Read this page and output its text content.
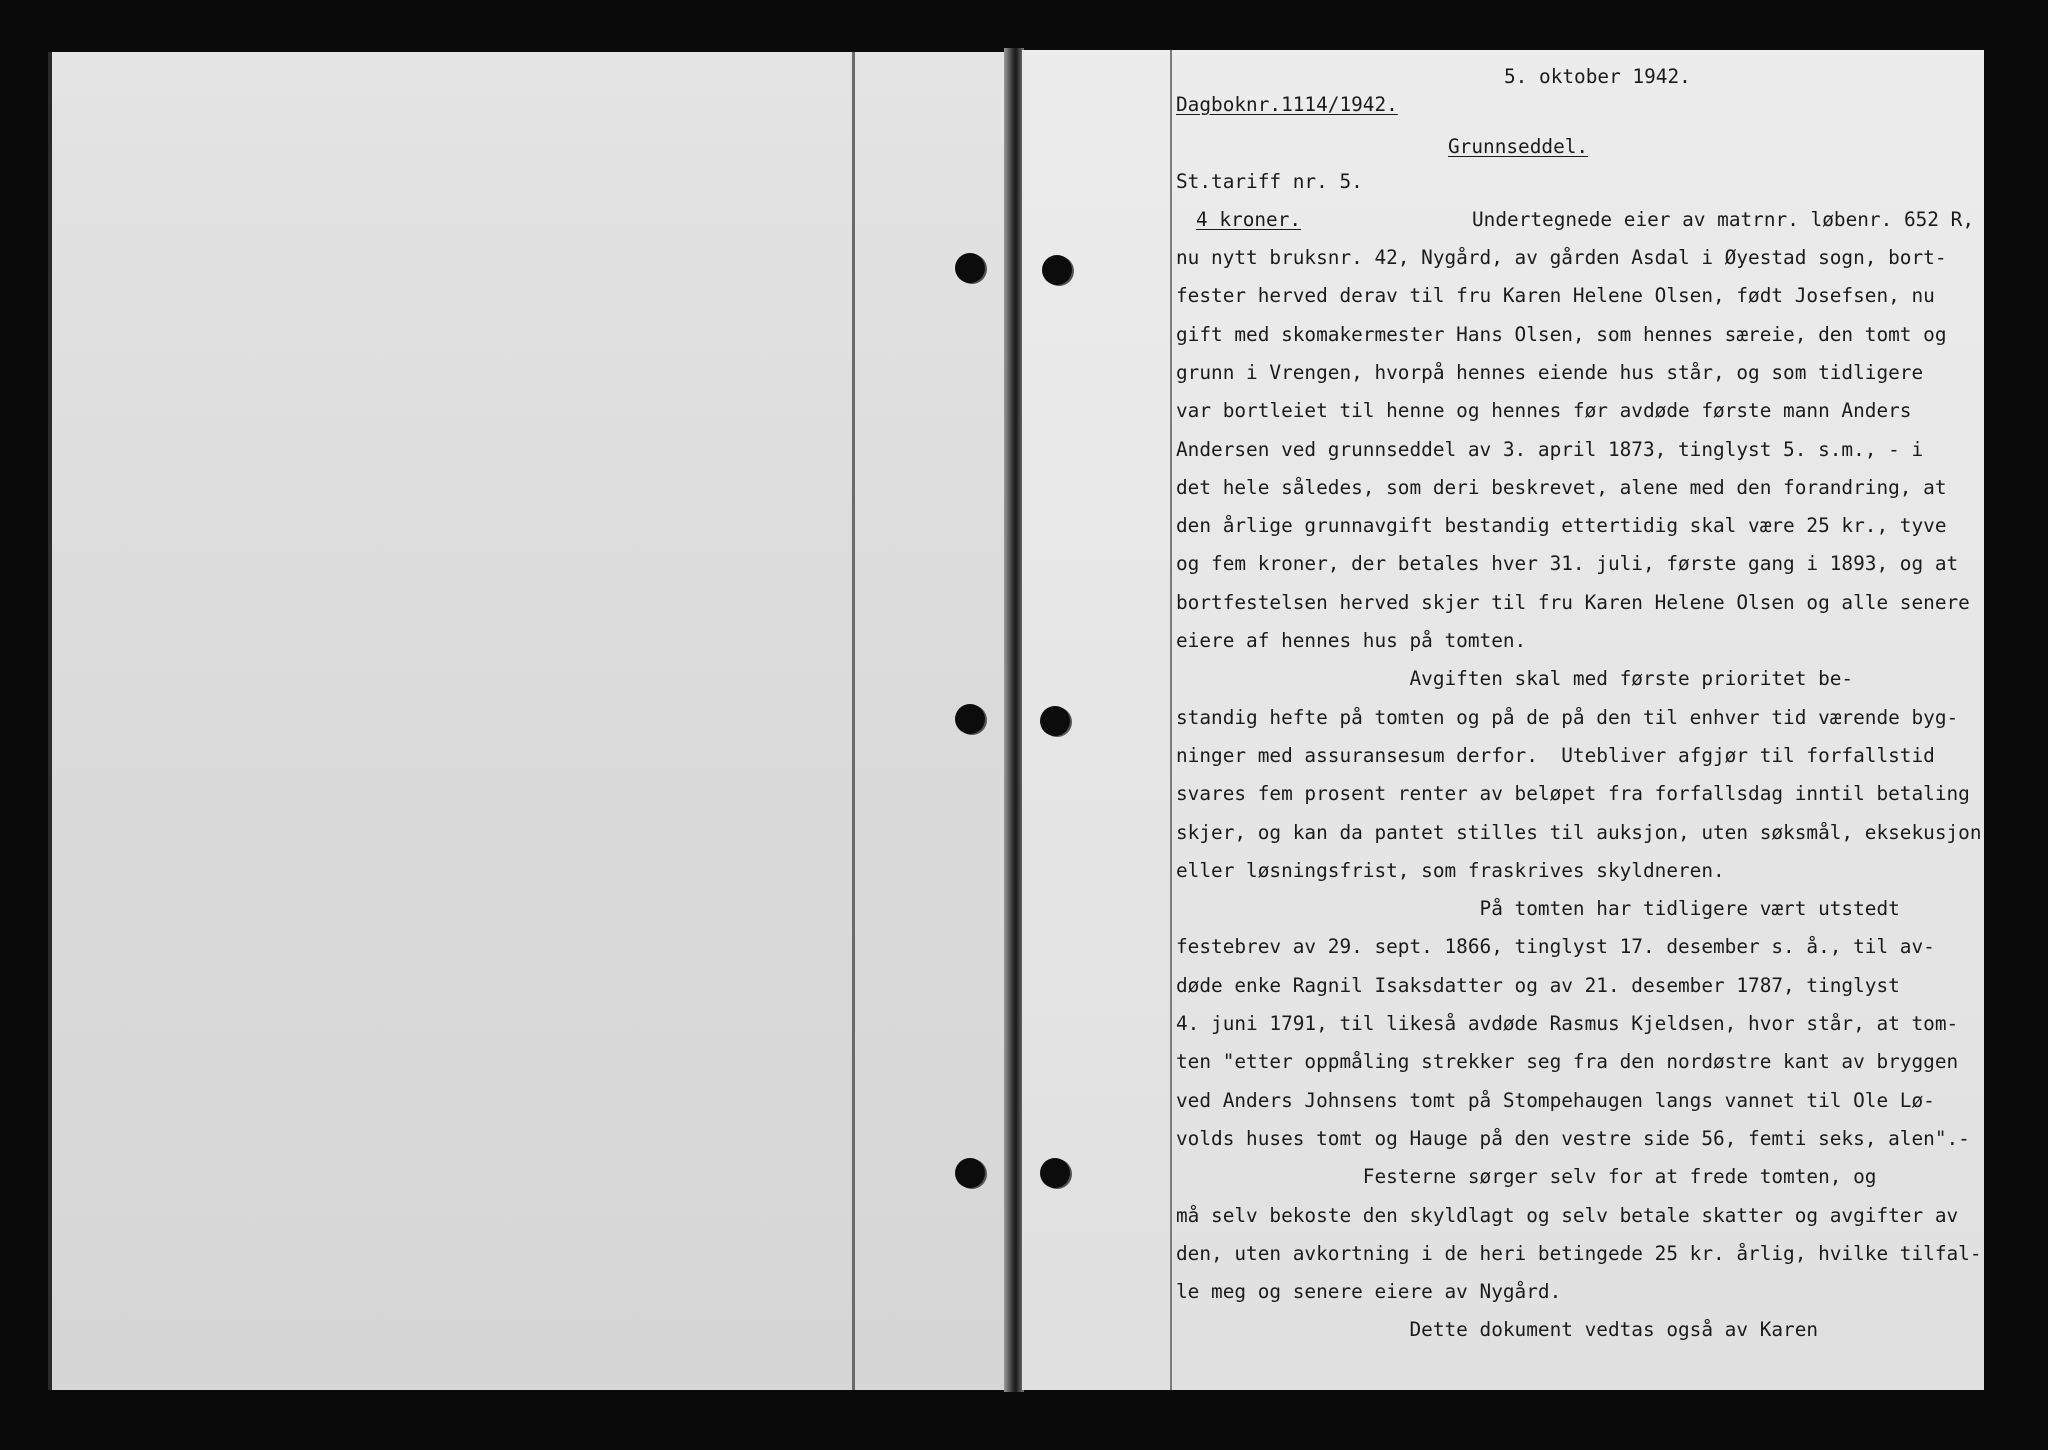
5. oktober 1942.
Dagboknr.1114/1942.
Grunnseddel.
St.tariff nr. 5.
4 kroner.	Undertegnede eier av matrnr. løbenr. 652 R,
nu nytt bruksnr. 42, Nygård, av gården Asdal i Øyestad sogn, bort-
fester herved derav til fru Karen Helene Olsen, født Josefsen, nu
gift med skomakermester Hans Olsen, som hennes særeie, den tomt og
grunn i Vrengen, hvorpå hennes eiende hus står, og som tidligere
var bortleiet til henne og hennes før avdøde første mann Anders
Andersen ved grunnseddel av 3. april 1873, tinglyst 5. s.m., - i
det hele således, som deri beskrevet, alene med den forandring, at
den årlige grunnavgift bestandig ettertidig skal være 25 kr., tyve
og fem kroner, der betales hver 31. juli, første gang i 1893, og at
bortfestelsen herved skjer til fru Karen Helene Olsen og alle senere
eiere af hennes hus på tomten.
Avgiften skal med første prioritet be-
standig hefte på tomten og på de på den til enhver tid værende byg-
ninger med assuransesum derfor.  Utebliver afgjør til forfallstid
svares fem prosent renter av beløpet fra forfallsdag inntil betaling
skjer, og kan da pantet stilles til auksjon, uten søksmål, eksekusjon
eller løsningsfrist, som fraskrives skyldneren.
På tomten har tidligere vært utstedt
festebrev av 29. sept. 1866, tinglyst 17. desember s. å., til av-
døde enke Ragnil Isaksdatter og av 21. desember 1787, tinglyst
4. juni 1791, til likeså avdøde Rasmus Kjeldsen, hvor står, at tom-
ten "etter oppmåling strekker seg fra den nordøstre kant av bryggen
ved Anders Johnsens tomt på Stompehaugen langs vannet til Ole Lø-
volds huses tomt og Hauge på den vestre side 56, femti seks, alen".-
Festerne sørger selv for at frede tomten, og
må selv bekoste den skyldlagt og selv betale skatter og avgifter av
den, uten avkortning i de heri betingede 25 kr. årlig, hvilke tilfal-
le meg og senere eiere av Nygård.
Dette dokument vedtas også av Karen
